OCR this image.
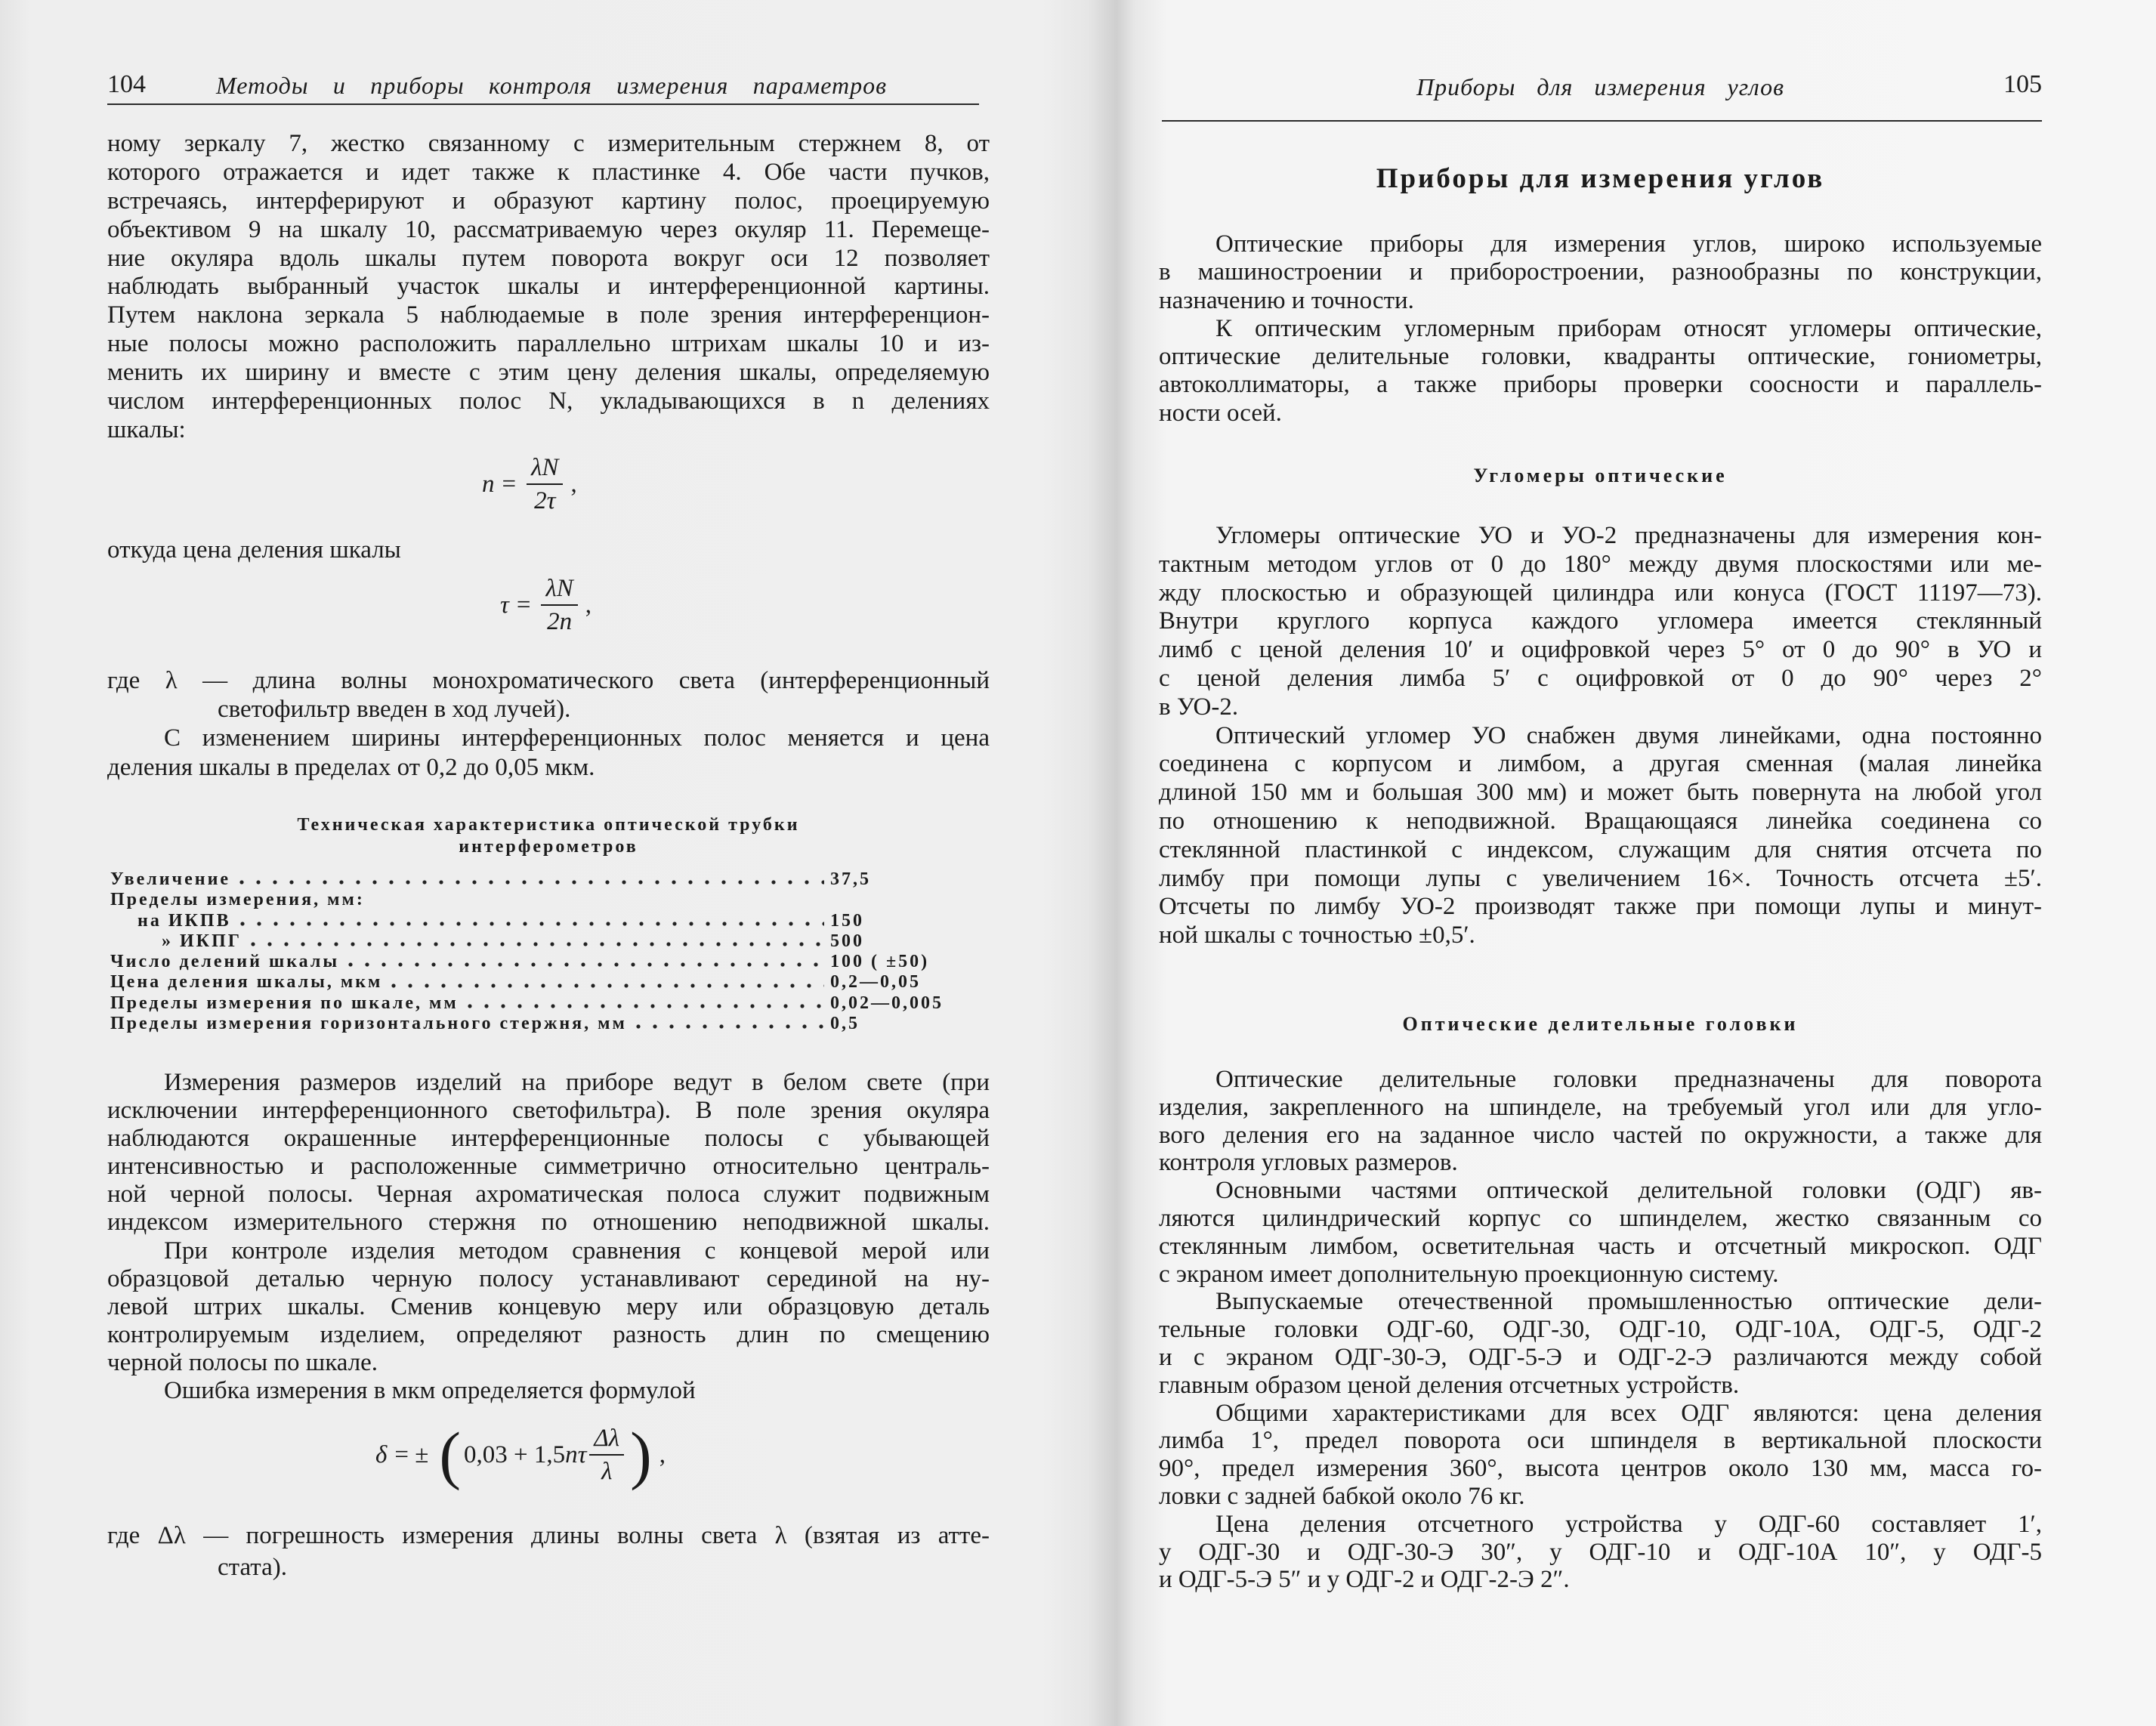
104	Методы и приборы контроля измерения параметров
ному зеркалу 7, жестко связанному с измерительным стержнем 8, от
которого отражается и идет также к пластинке 4. Обе части пучков,
встречаясь, интерферируют и образуют картину полос, проецируемую
объективом 9 на шкалу 10, рассматриваемую через окуляр 11. Перемеще-
ние окуляра вдоль шкалы путем поворота вокруг оси 12 позволяет
наблюдать выбранный участок шкалы и интерференционной картины.
Путем наклона зеркала 5 наблюдаемые в поле зрения интерференцион-
ные полосы можно расположить параллельно штрихам шкалы 10 и из-
менить их ширину и вместе с этим цену деления шкалы, определяемую
числом интерференционных полос N, укладывающихся в n делениях
шкалы:
$n = \frac{\lambda N}{2\tau}$ ,
откуда цена деления шкалы
$\tau = \frac{\lambda N}{2n}$ ,
где λ — длина волны монохроматического света (интерференционный
светофильтр введен в ход лучей).
С изменением ширины интерференционных полос меняется и цена
деления шкалы в пределах от 0,2 до 0,05 мкм.
Техническая характеристика оптической трубки
интерферометров
Увеличение	37,5
Пределы измерения, мм:
на ИКПВ	150
» ИКПГ	500
Число делений шкалы	100 ( ±50)
Цена деления шкалы, мкм	0,2—0,05
Пределы измерения по шкале, мм	0,02—0,005
Пределы измерения горизонтального стержня, мм	0,5
Измерения размеров изделий на приборе ведут в белом свете (при
исключении интерференционного светофильтра). В поле зрения окуляра
наблюдаются окрашенные интерференционные полосы с убывающей
интенсивностью и расположенные симметрично относительно централь-
ной черной полосы. Черная ахроматическая полоса служит подвижным
индексом измерительного стержня по отношению неподвижной шкалы.
При контроле изделия методом сравнения с концевой мерой или
образцовой деталью черную полосу устанавливают серединой на ну-
левой штрих шкалы. Сменив концевую меру или образцовую деталь
контролируемым изделием, определяют разность длин по смещению
черной полосы по шкале.
Ошибка измерения в мкм определяется формулой
δ = ± ( 0,03 + 1,5 nτ $\frac{\Delta\lambda}{\lambda}$ ) ,
где Δλ — погрешность измерения длины волны света λ (взятая из атте-
стата).
Приборы для измерения углов	105
Приборы для измерения углов
Оптические приборы для измерения углов, широко используемые
в машиностроении и приборостроении, разнообразны по конструкции,
назначению и точности.
К оптическим угломерным приборам относят угломеры оптические,
оптические делительные головки, квадранты оптические, гониометры,
автоколлиматоры, а также приборы проверки соосности и параллель-
ности осей.
Угломеры оптические
Угломеры оптические УО и УО-2 предназначены для измерения кон-
тактным методом углов от 0 до 180° между двумя плоскостями или ме-
жду плоскостью и образующей цилиндра или конуса (ГОСТ 11197—73).
Внутри круглого корпуса каждого угломера имеется стеклянный
лимб с ценой деления 10′ и оцифровкой через 5° от 0 до 90° в УО и
с ценой деления лимба 5′ с оцифровкой от 0 до 90° через 2°
в УО-2.
Оптический угломер УО снабжен двумя линейками, одна постоянно
соединена с корпусом и лимбом, а другая сменная (малая линейка
длиной 150 мм и большая 300 мм) и может быть повернута на любой угол
по отношению к неподвижной. Вращающаяся линейка соединена со
стеклянной пластинкой с индексом, служащим для снятия отсчета по
лимбу при помощи лупы с увеличением 16×. Точность отсчета ±5′.
Отсчеты по лимбу УО-2 производят также при помощи лупы и минут-
ной шкалы с точностью ±0,5′.
Оптические делительные головки
Оптические делительные головки предназначены для поворота
изделия, закрепленного на шпинделе, на требуемый угол или для угло-
вого деления его на заданное число частей по окружности, а также для
контроля угловых размеров.
Основными частями оптической делительной головки (ОДГ) яв-
ляются цилиндрический корпус со шпинделем, жестко связанным со
стеклянным лимбом, осветительная часть и отсчетный микроскоп. ОДГ
с экраном имеет дополнительную проекционную систему.
Выпускаемые отечественной промышленностью оптические дели-
тельные головки ОДГ-60, ОДГ-30, ОДГ-10, ОДГ-10А, ОДГ-5, ОДГ-2
и с экраном ОДГ-30-Э, ОДГ-5-Э и ОДГ-2-Э различаются между собой
главным образом ценой деления отсчетных устройств.
Общими характеристиками для всех ОДГ являются: цена деления
лимба 1°, предел поворота оси шпинделя в вертикальной плоскости
90°, предел измерения 360°, высота центров около 130 мм, масса го-
ловки с задней бабкой около 76 кг.
Цена деления отсчетного устройства у ОДГ-60 составляет 1′,
у ОДГ-30 и ОДГ-30-Э 30″, у ОДГ-10 и ОДГ-10А 10″, у ОДГ-5
и ОДГ-5-Э 5″ и у ОДГ-2 и ОДГ-2-Э 2″.
